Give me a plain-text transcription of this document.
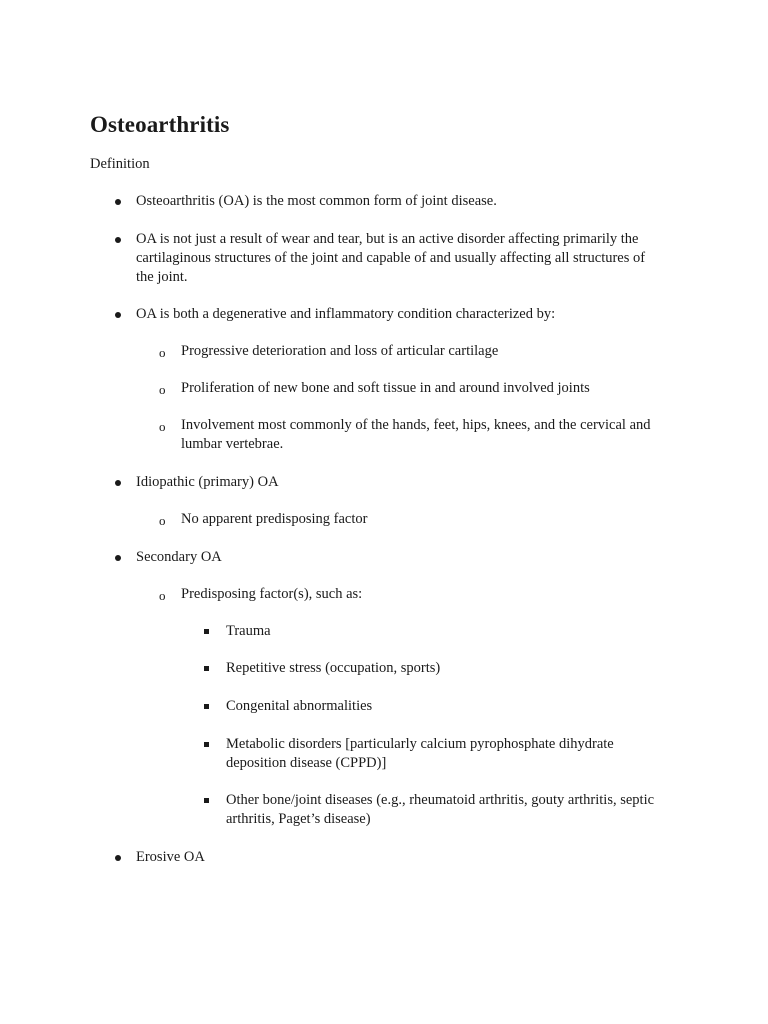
Osteoarthritis
Definition
Osteoarthritis (OA) is the most common form of joint disease.
OA is not just a result of wear and tear, but is an active disorder affecting primarily the
cartilaginous structures of the joint and capable of and usually affecting all structures of
the joint.
OA is both a degenerative and inflammatory condition characterized by:
o Progressive deterioration and loss of articular cartilage
o Proliferation of new bone and soft tissue in and around involved joints
o Involvement most commonly of the hands, feet, hips, knees, and the cervical and
lumbar vertebrae.
Idiopathic (primary) OA
o No apparent predisposing factor
Secondary OA
o Predisposing factor(s), such as:
Trauma
Repetitive stress (occupation, sports)
Congenital abnormalities
Metabolic disorders [particularly calcium pyrophosphate dihydrate
deposition disease (CPPD)]
Other bone/joint diseases (e.g., rheumatoid arthritis, gouty arthritis, septic
arthritis, Paget’s disease)
Erosive OA
